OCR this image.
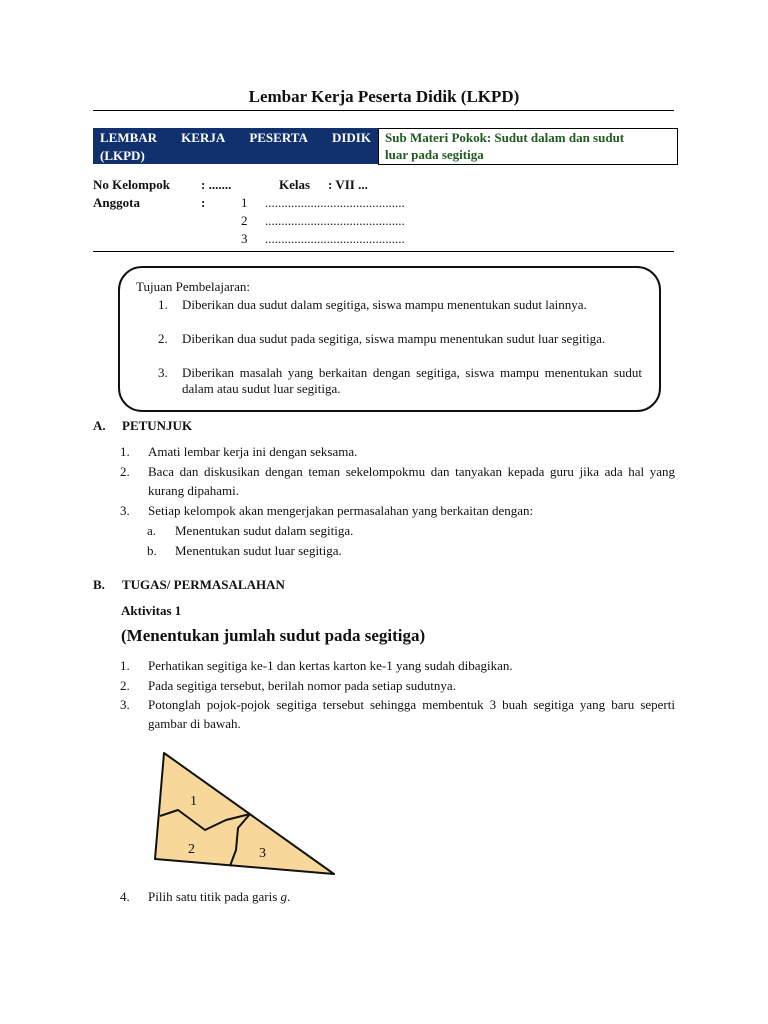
Lembar Kerja Peserta Didik (LKPD)
LEMBAR KERJA PESERTA DIDIK
(LKPD)
Sub Materi Pokok: Sudut dalam dan sudut
luar pada segitiga
No Kelompok : .......	Kelas : VII ...
Anggota	:	1 ...........................................
2 ...........................................
3 ...........................................
Tujuan Pembelajaran:
1.	Diberikan dua sudut dalam segitiga, siswa mampu menentukan sudut lainnya.
2.	Diberikan dua sudut pada segitiga, siswa mampu menentukan sudut luar segitiga.
3.	Diberikan masalah yang berkaitan dengan segitiga, siswa mampu menentukan sudut dalam atau sudut luar segitiga.
A. PETUNJUK
1.	Amati lembar kerja ini dengan seksama.
2.	Baca dan diskusikan dengan teman sekelompokmu dan tanyakan kepada guru jika ada hal yang kurang dipahami.
3.	Setiap kelompok akan mengerjakan permasalahan yang berkaitan dengan:
a.	Menentukan sudut dalam segitiga.
b.	Menentukan sudut luar segitiga.
B. TUGAS/ PERMASALAHAN
Aktivitas 1
(Menentukan jumlah sudut pada segitiga)
1.	Perhatikan segitiga ke-1 dan kertas karton ke-1 yang sudah dibagikan.
2.	Pada segitiga tersebut, berilah nomor pada setiap sudutnya.
3.	Potonglah pojok-pojok segitiga tersebut sehingga membentuk 3 buah segitiga yang baru seperti gambar di bawah.
1
2	3
4.	Pilih satu titik pada garis g.
